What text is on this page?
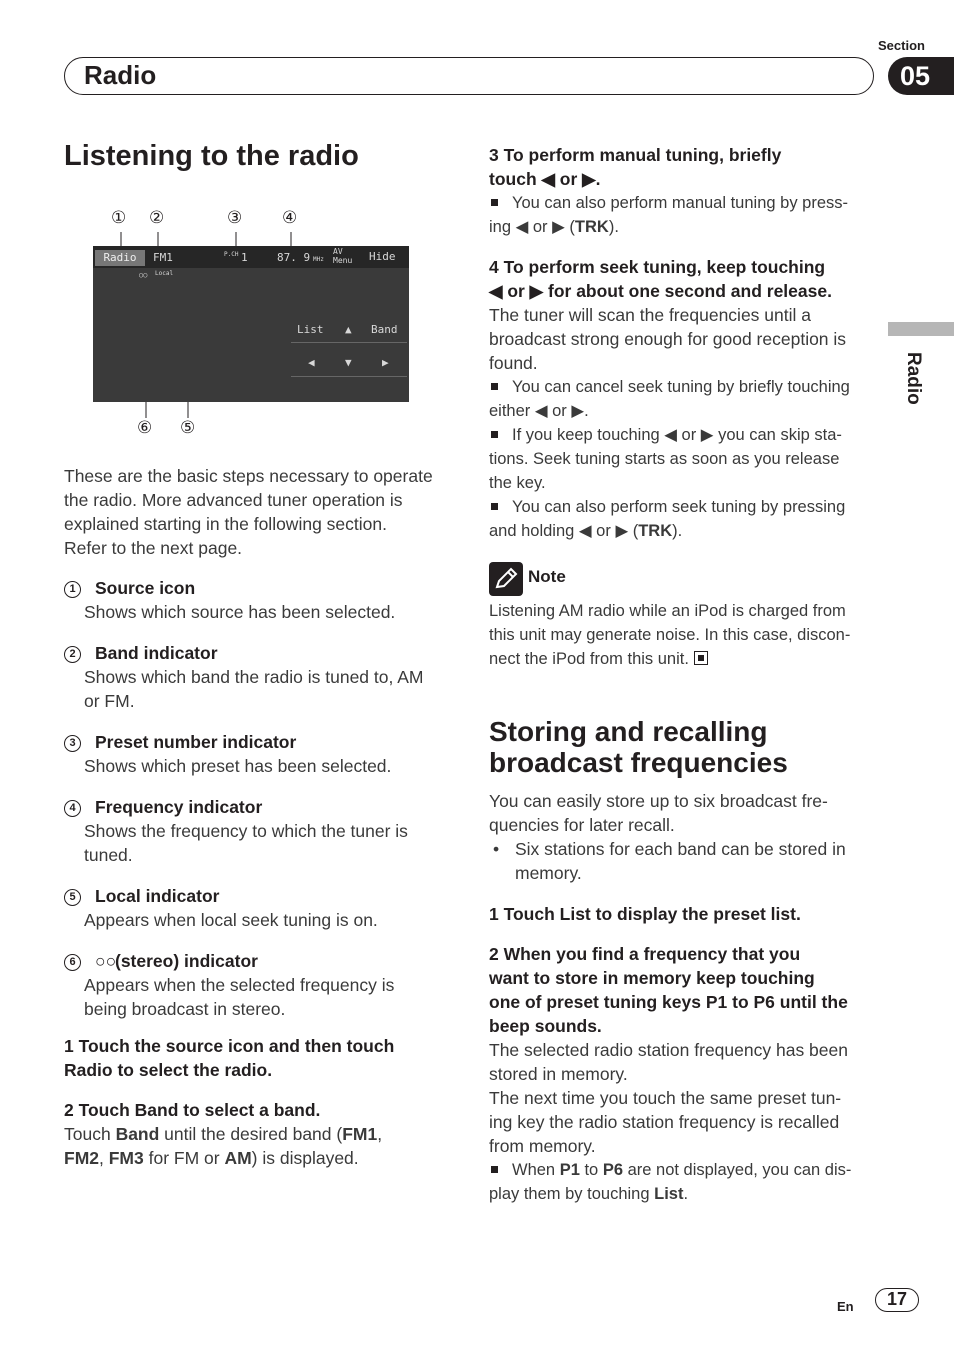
Section
Radio	05
Radio
Listening to the radio
① ②	③ ④
Radio	FM1	P.CH 1	87. 9 MHz
AV
Menu Hide
○○ Local
List ▲ Band
◀	▼	▶
⑥ ⑤

These are the basic steps necessary to operate

the radio. More advanced tuner operation is

explained starting in the following section.

Refer to the next page.

1 Source icon

Shows which source has been selected.

2 Band indicator

Shows which band the radio is tuned to, AM

or FM.

3 Preset number indicator

Shows which preset has been selected.

4 Frequency indicator

Shows the frequency to which the tuner is

tuned.

5 Local indicator

Appears when local seek tuning is on.

6 ○○(stereo) indicator

Appears when the selected frequency is

being broadcast in stereo.

1 Touch the source icon and then touch

Radio to select the radio.

2 Touch Band to select a band.

Touch Band until the desired band (FM1,

FM2, FM3 for FM or AM) is displayed.

3 To perform manual tuning, briefly

touch ◀ or ▶.

You can also perform manual tuning by press-

ing ◀ or ▶ (TRK).

4 To perform seek tuning, keep touching

◀ or ▶ for about one second and release.

The tuner will scan the frequencies until a

broadcast strong enough for good reception is

found.

You can cancel seek tuning by briefly touching

either ◀ or ▶.

If you keep touching ◀ or ▶ you can skip sta-

tions. Seek tuning starts as soon as you release

the key.

You can also perform seek tuning by pressing

and holding ◀ or ▶ (TRK).

Note

Listening AM radio while an iPod is charged from

this unit may generate noise. In this case, discon-

nect the iPod from this unit.

Storing and recalling
broadcast frequencies

You can easily store up to six broadcast fre-

quencies for later recall.

• Six stations for each band can be stored in

memory.

1 Touch List to display the preset list.

2 When you find a frequency that you

want to store in memory keep touching

one of preset tuning keys P1 to P6 until the

beep sounds.

The selected radio station frequency has been

stored in memory.

The next time you touch the same preset tun-

ing key the radio station frequency is recalled

from memory.

When P1 to P6 are not displayed, you can dis-

play them by touching List.

En	17
